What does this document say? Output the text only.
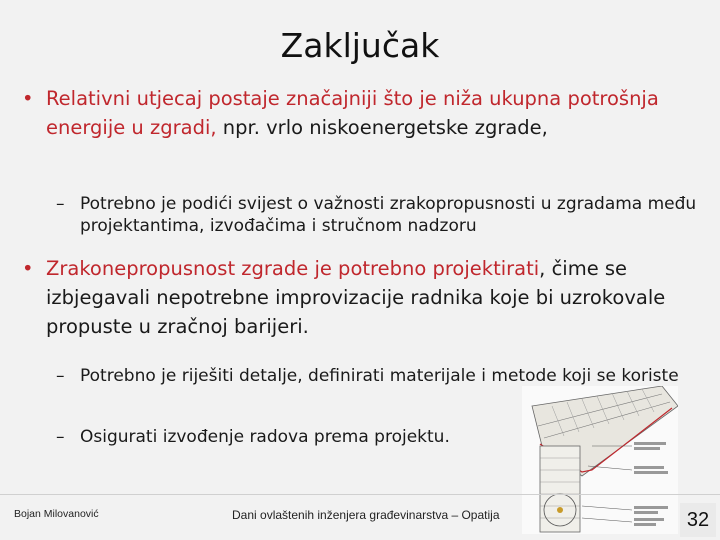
Zaključak
• Relativni utjecaj postaje značajniji što je niža ukupna potrošnja energije u zgradi, npr. vrlo niskoenergetske zgrade,
– Potrebno je podići svijest o važnosti zrakopropusnosti u zgradama među projektantima, izvođačima i stručnom nadzoru
• Zrakonepropusnost zgrade je potrebno projektirati, čime se izbjegavali nepotrebne improvizacije radnika koje bi uzrokovale propuste u zračnoj barijeri.
– Potrebno je riješiti detalje, definirati materijale i metode koji se koriste
– Osigurati izvođenje radova prema projektu.
Bojan Milovanović	Dani ovlaštenih inženjera građevinarstva – Opatija	32
